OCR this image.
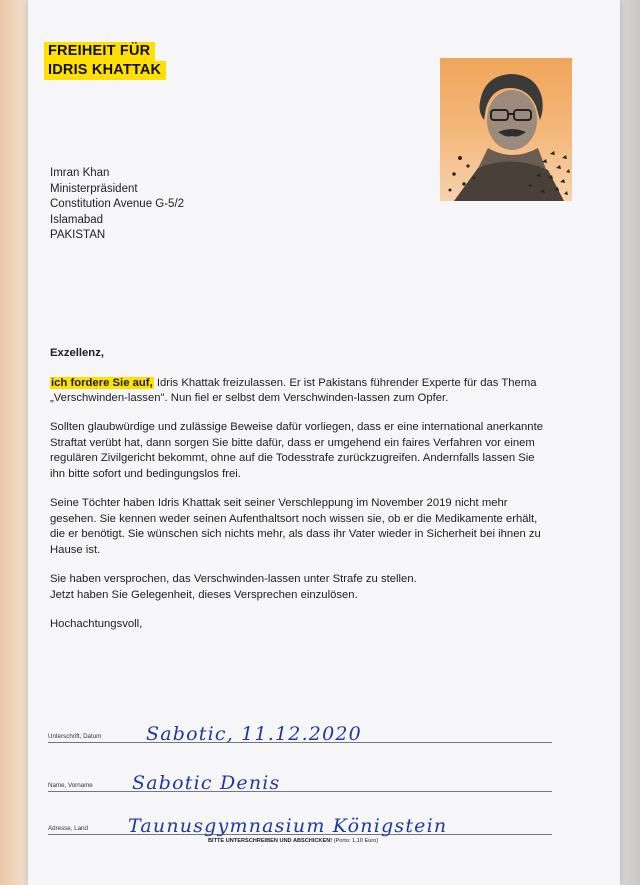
FREIHEIT FÜR
IDRIS KHATTAK
Imran Khan
Ministerpräsident
Constitution Avenue G-5/2
Islamabad
PAKISTAN

Exzellenz,

ich fordere Sie auf, Idris Khattak freizulassen. Er ist Pakistans führender Experte für das Thema „Verschwinden-lassen". Nun fiel er selbst dem Verschwinden-lassen zum Opfer.

Sollten glaubwürdige und zulässige Beweise dafür vorliegen, dass er eine international anerkannte Straftat verübt hat, dann sorgen Sie bitte dafür, dass er umgehend ein faires Verfahren vor einem regulären Zivilgericht bekommt, ohne auf die Todesstrafe zurückzugreifen. Andernfalls lassen Sie ihn bitte sofort und bedingungslos frei.

Seine Töchter haben Idris Khattak seit seiner Verschleppung im November 2019 nicht mehr gesehen. Sie kennen weder seinen Aufenthaltsort noch wissen sie, ob er die Medikamente erhält, die er benötigt. Sie wünschen sich nichts mehr, als dass ihr Vater wieder in Sicherheit bei ihnen zu Hause ist.

Sie haben versprochen, das Verschwinden-lassen unter Strafe zu stellen.
Jetzt haben Sie Gelegenheit, dieses Versprechen einzulösen.

Hochachtungsvoll,

Unterschrift, Datum Sabotic, 11.12.2020
Name, Vorname Sabotic Denis
Adresse, Land Taunusgymnasium Königstein
BITTE UNTERSCHREIBEN UND ABSCHICKEN! (Porto: 1,10 Euro)
